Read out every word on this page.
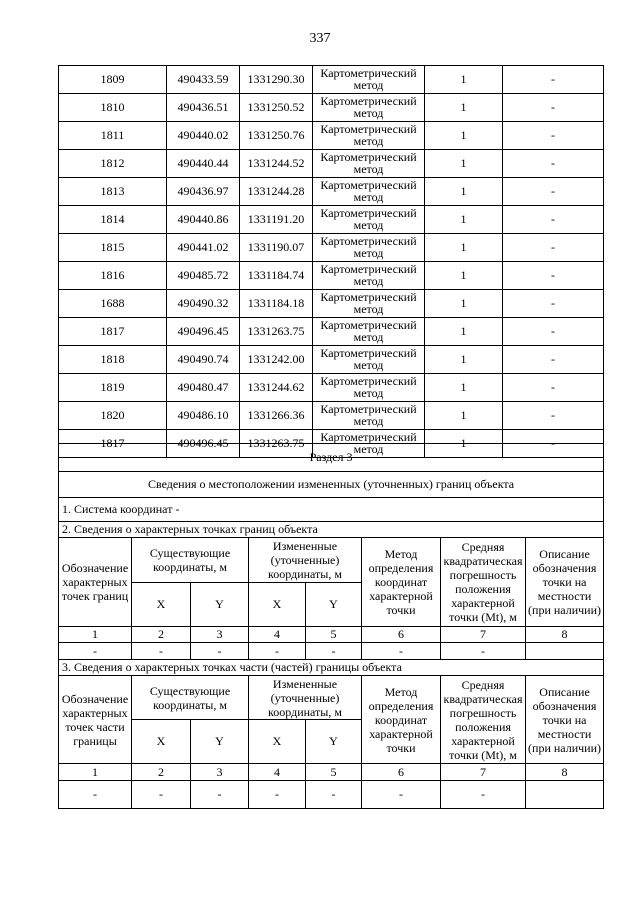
337
1809	490433.59	1331290.30	Картометрический метод	1	-
1810	490436.51	1331250.52	Картометрический метод	1	-
1811	490440.02	1331250.76	Картометрический метод	1	-
1812	490440.44	1331244.52	Картометрический метод	1	-
1813	490436.97	1331244.28	Картометрический метод	1	-
1814	490440.86	1331191.20	Картометрический метод	1	-
1815	490441.02	1331190.07	Картометрический метод	1	-
1816	490485.72	1331184.74	Картометрический метод	1	-
1688	490490.32	1331184.18	Картометрический метод	1	-
1817	490496.45	1331263.75	Картометрический метод	1	-
1818	490490.74	1331242.00	Картометрический метод	1	-
1819	490480.47	1331244.62	Картометрический метод	1	-
1820	490486.10	1331266.36	Картометрический метод	1	-
1817	490496.45	1331263.75	Картометрический метод	1	-
Раздел 3							
Сведения о местоположении измененных (уточненных) границ объекта							
1. Система координат -							
2. Сведения о характерных точках границ объекта							
Обозначение характерных точек границ	Существующие координаты, м		Измененные (уточненные) координаты, м		Метод определения координат характерной точки	Средняя квадратическая погрешность положения характерной точки (Mt), м	Описание обозначения точки на местности (при наличии)
	X	Y	X	Y			
1	2	3	4	5	6	7	8
-	-	-	-	-	-	-	
3. Сведения о характерных точках части (частей) границы объекта							
Обозначение характерных точек части границы	Существующие координаты, м		Измененные (уточненные) координаты, м		Метод определения координат характерной точки	Средняя квадратическая погрешность положения характерной точки (Mt), м	Описание обозначения точки на местности (при наличии)
	X	Y	X	Y			
1	2	3	4	5	6	7	8
-	-	-	-	-	-	-	
